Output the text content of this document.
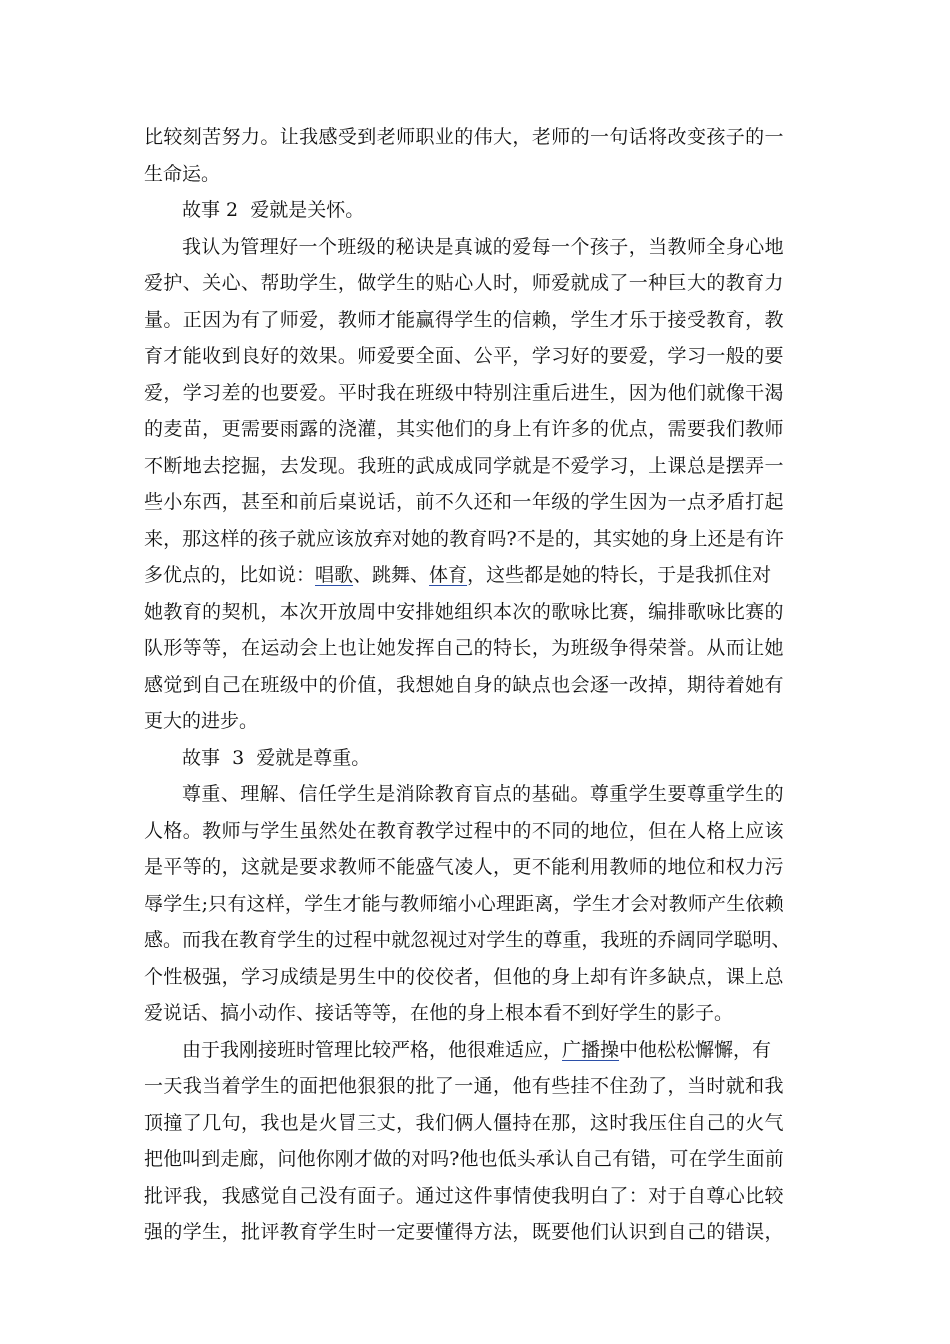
比 较 刻 苦 努 力 。 让 我 感 受 到 老 师 职 业 的 伟 大 ， 老 师 的 一 句 话 将 改 变 孩 子 的 一
生命运。
故事 2  爱就是关怀。
我 认 为 管 理 好 一 个 班 级 的 秘 诀 是 真 诚 的 爱 每 一 个 孩 子 ， 当 教 师 全 身 心 地
爱 护 、 关 心 、 帮 助 学 生 ， 做 学 生 的 贴 心 人 时 ， 师 爱 就 成 了 一 种 巨 大 的 教 育 力
量 。 正 因 为 有 了 师 爱 ， 教 师 才 能 赢 得 学 生 的 信 赖 ， 学 生 才 乐 于 接 受 教 育 ， 教
育 才 能 收 到 良 好 的 效 果 。 师 爱 要 全 面 、 公 平 ， 学 习 好 的 要 爱 ， 学 习 一 般 的 要
爱 ， 学 习 差 的 也 要 爱 。 平 时 我 在 班 级 中 特 别 注 重 后 进 生 ， 因 为 他 们 就 像 干 渴
的 麦 苗 ， 更 需 要 雨 露 的 浇 灌 ， 其 实 他 们 的 身 上 有 许 多 的 优 点 ， 需 要 我 们 教 师
不 断 地 去 挖 掘 ， 去 发 现 。 我 班 的 武 成 成 同 学 就 是 不 爱 学 习 ， 上 课 总 是 摆 弄 一
些 小 东 西 ， 甚 至 和 前 后 桌 说 话 ， 前 不 久 还 和 一 年 级 的 学 生 因 为 一 点 矛 盾 打 起
来 ， 那 这 样 的 孩 子 就 应 该 放 弃 对 她 的 教 育 吗 ? 不 是 的 ， 其 实 她 的 身 上 还 是 有 许
多优点的，比如说： 唱歌 、跳舞、 体育 ，这些都是她的特长，于是我抓住对
她 教 育 的 契 机 ， 本 次 开 放 周 中 安 排 她 组 织 本 次 的 歌 咏 比 赛 ， 编 排 歌 咏 比 赛 的
队 形 等 等 ， 在 运 动 会 上 也 让 她 发 挥 自 己 的 特 长 ， 为 班 级 争 得 荣 誉 。 从 而 让 她
感 觉 到 自 己 在 班 级 中 的 价 值 ， 我 想 她 自 身 的 缺 点 也 会 逐 一 改 掉 ， 期 待 着 她 有
更大的进步。
故事  3  爱就是尊重。
尊 重 、 理 解 、 信 任 学 生 是 消 除 教 育 盲 点 的 基 础 。 尊 重 学 生 要 尊 重 学 生 的
人 格 。 教 师 与 学 生 虽 然 处 在 教 育 教 学 过 程 中 的 不 同 的 地 位 ， 但 在 人 格 上 应 该
是 平 等 的 ， 这 就 是 要 求 教 师 不 能 盛 气 凌 人 ， 更 不 能 利 用 教 师 的 地 位 和 权 力 污
辱 学 生 ; 只 有 这 样 ， 学 生 才 能 与 教 师 缩 小 心 理 距 离 ， 学 生 才 会 对 教 师 产 生 依 赖
感 。 而 我 在 教 育 学 生 的 过 程 中 就 忽 视 过 对 学 生 的 尊 重 ， 我 班 的 乔 阔 同 学 聪 明 、
个 性 极 强 ， 学 习 成 绩 是 男 生 中 的 佼 佼 者 ， 但 他 的 身 上 却 有 许 多 缺 点 ， 课 上 总
爱说话、搞小动作、接话等等，在他的身上根本看不到好学生的影子。
由于我刚接班时管理比较严格，他很难适应， 广播操 中他松松懈懈，有
一 天 我 当 着 学 生 的 面 把 他 狠 狠 的 批 了 一 通 ， 他 有 些 挂 不 住 劲 了 ， 当 时 就 和 我
顶 撞 了 几 句 ， 我 也 是 火 冒 三 丈 ， 我 们 俩 人 僵 持 在 那 ， 这 时 我 压 住 自 己 的 火 气
把 他 叫 到 走 廊 ， 问 他 你 刚 才 做 的 对 吗 ? 他 也 低 头 承 认 自 己 有 错 ， 可 在 学 生 面 前
批 评 我 ， 我 感 觉 自 己 没 有 面 子 。 通 过 这 件 事 情 使 我 明 白 了 ： 对 于 自 尊 心 比 较
强 的 学 生 ， 批 评 教 育 学 生 时 一 定 要 懂 得 方 法 ， 既 要 他 们 认 识 到 自 己 的 错 误 ，
